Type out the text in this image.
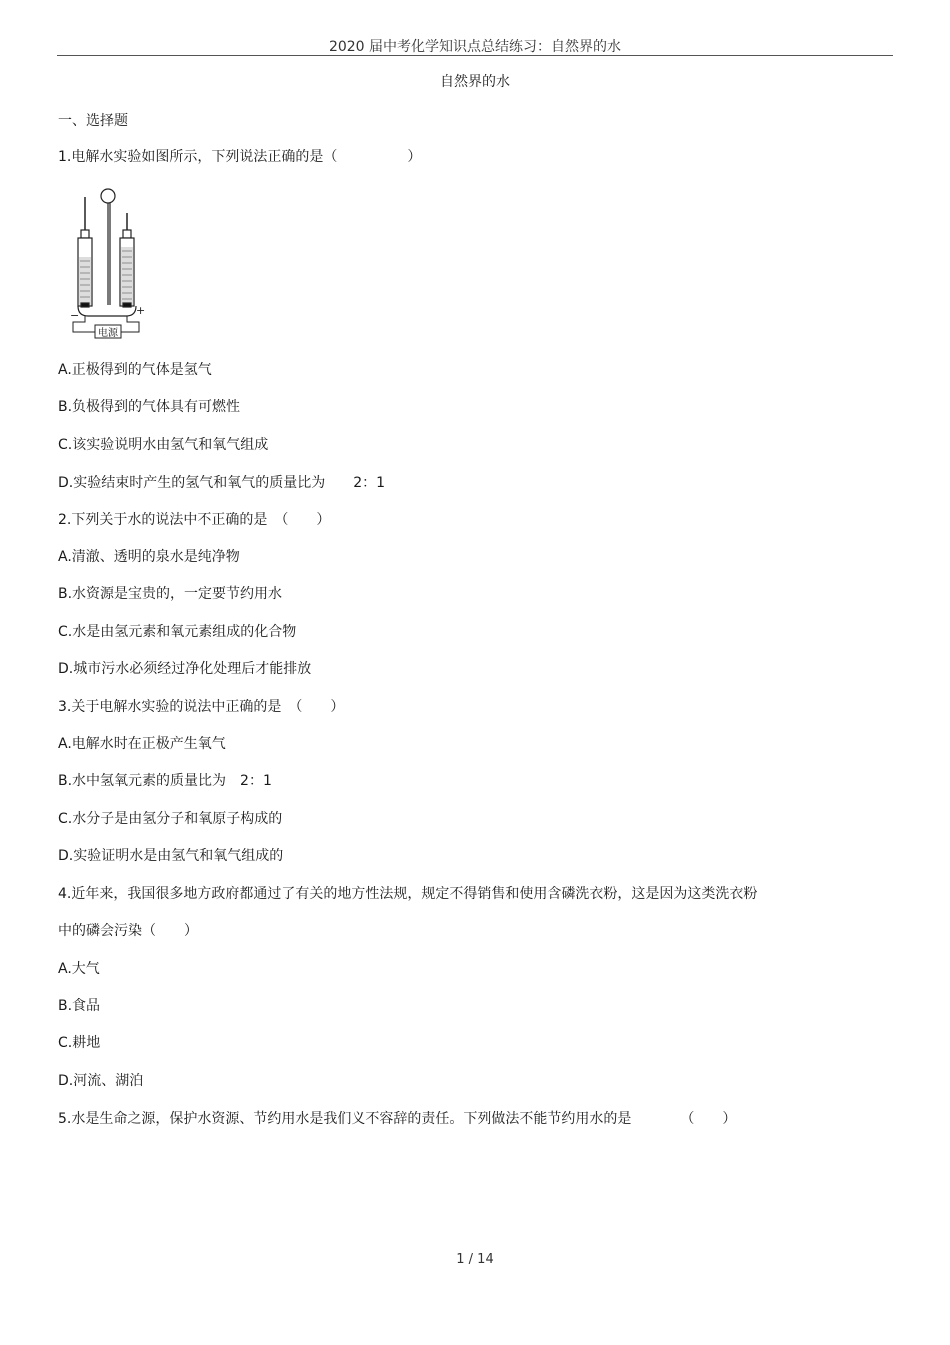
2020 届中考化学知识点总结练习：自然界的水
自然界的水
一、选择题
1.电解水实验如图所示，下列说法正确的是（　　　　　）
−	+
电源
A.正极得到的气体是氢气
B.负极得到的气体具有可燃性
C.该实验说明水由氢气和氧气组成
D.实验结束时产生的氢气和氧气的质量比为　　2：1
2.下列关于水的说法中不正确的是　（　　）
A.清澈、透明的泉水是纯净物
B.水资源是宝贵的，一定要节约用水
C.水是由氢元素和氧元素组成的化合物
D.城市污水必须经过净化处理后才能排放
3.关于电解水实验的说法中正确的是　（　　）
A.电解水时在正极产生氧气
B.水中氢氧元素的质量比为　2：1
C.水分子是由氢分子和氧原子构成的
D.实验证明水是由氢气和氧气组成的
4.近年来，我国很多地方政府都通过了有关的地方性法规，规定不得销售和使用含磷洗衣粉，这是因为这类洗衣粉
中的磷会污染（　　）
A.大气
B.食品
C.耕地
D.河流、湖泊
5.水是生命之源，保护水资源、节约用水是我们义不容辞的责任。下列做法不能节约用水的是　　　　（　　）
1 / 14
